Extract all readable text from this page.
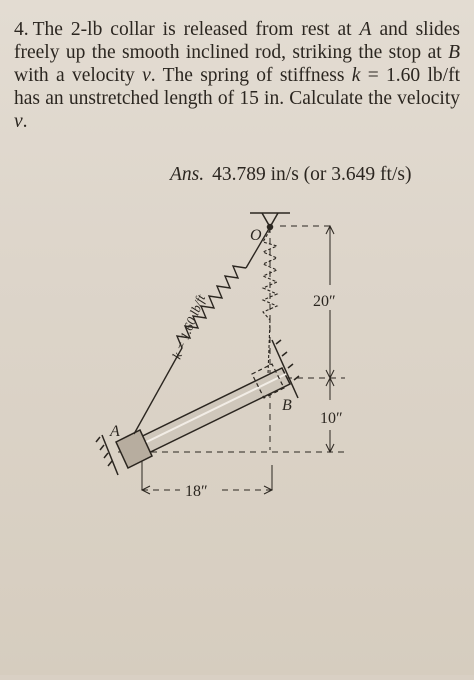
4. The 2-lb collar is released from rest at A and slides freely up the smooth inclined rod, striking the stop at B with a velocity v. The spring of stiffness k = 1.60 lb/ft has an unstretched length of 15 in. Calculate the velocity v.
Ans. 43.789 in/s (or 3.649 ft/s)
20″
10″
18″
O
A
B
k = 1.60 lb/ft
